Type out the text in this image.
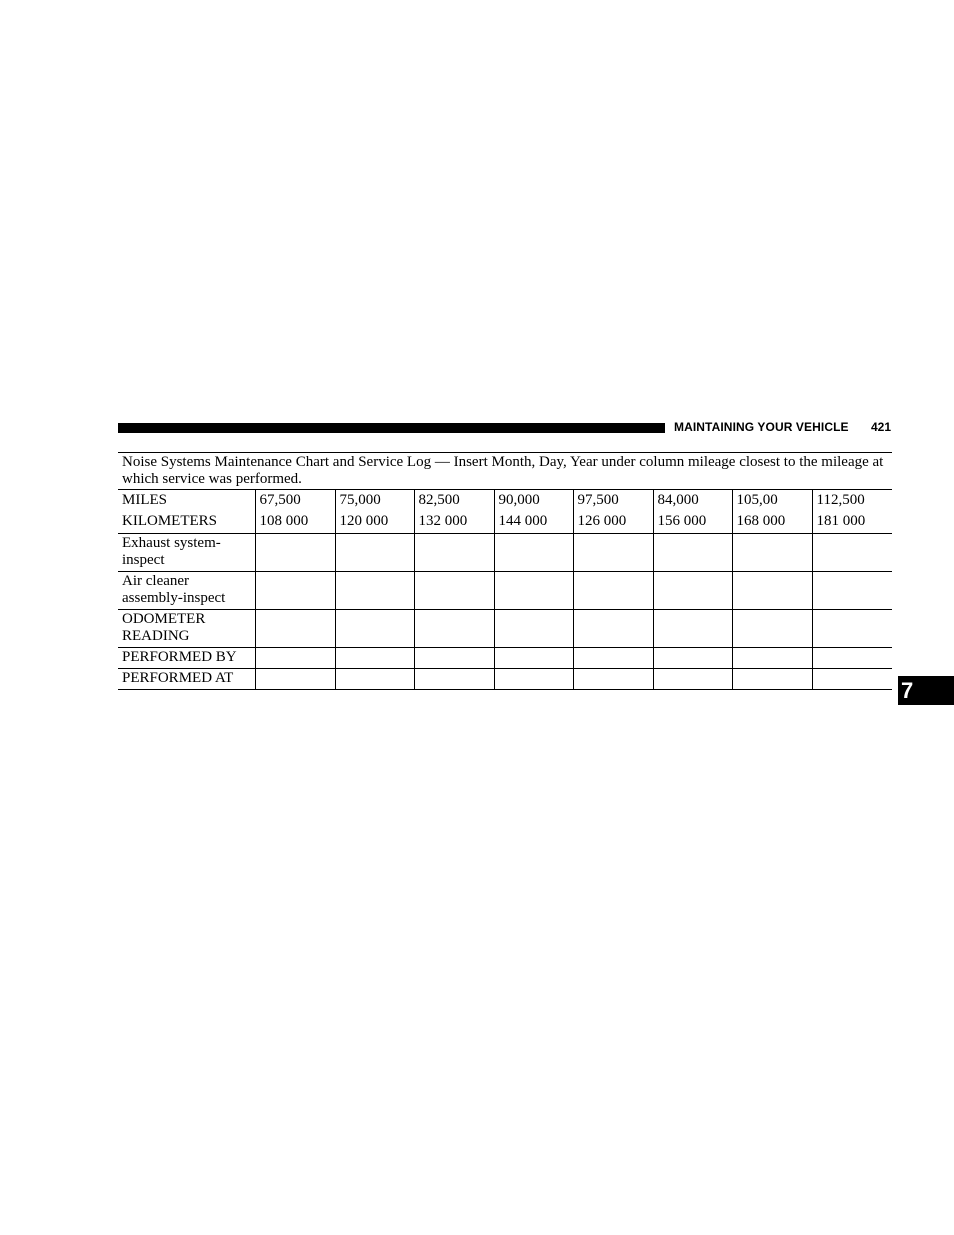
MAINTAINING YOUR VEHICLE 421
Noise Systems Maintenance Chart and Service Log — Insert Month, Day, Year under column mileage closest to the mileage at which service was performed.								
MILES	67,500	75,000	82,500	90,000	97,500	84,000	105,00	112,500
KILOMETERS	108 000	120 000	132 000	144 000	126 000	156 000	168 000	181 000
Exhaust system-inspect								
Air cleaner assembly-inspect								
ODOMETER READING								
PERFORMED BY								
PERFORMED AT									7
